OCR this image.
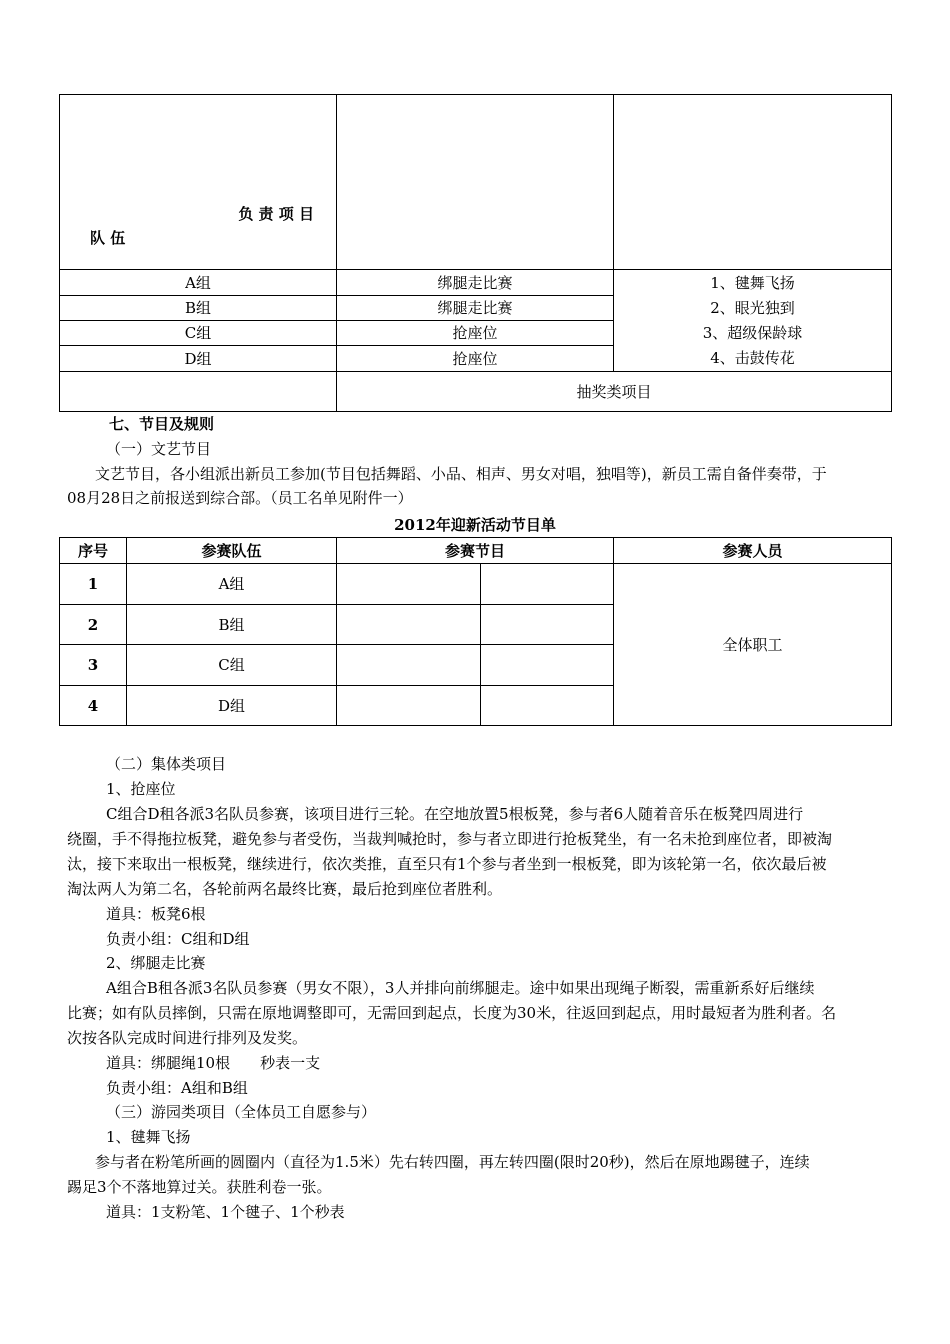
负 责 项 目
队 伍		

A组	绑腿走比赛	1、毽舞飞扬
2、眼光独到
3、超级保龄球
4、击鼓传花

B组	绑腿走比赛	
C组	抢座位	
D组	抢座位	
	抽奖类项目	
七、节目及规则
（一）文艺节目
文艺节目，各小组派出新员工参加(节目包括舞蹈、小品、相声、男女对唱，独唱等)，新员工需自备伴奏带，于
08月28日之前报送到综合部。（员工名单见附件一）
2012年迎新活动节目单
序号	参赛队伍	参赛节目		参赛人员
1	A组			全体职工
2	B组			
3	C组			
4	D组			
（二）集体类项目
1、抢座位
C组合D租各派3名队员参赛，该项目进行三轮。在空地放置5根板凳，参与者6人随着音乐在板凳四周进行
绕圈，手不得拖拉板凳，避免参与者受伤，当裁判喊抢时，参与者立即进行抢板凳坐，有一名未抢到座位者，即被淘
汰，接下来取出一根板凳，继续进行，依次类推，直至只有1个参与者坐到一根板凳，即为该轮第一名，依次最后被
淘汰两人为第二名，各轮前两名最终比赛，最后抢到座位者胜利。
道具：板凳6根
负责小组：C组和D组
2、绑腿走比赛
A组合B租各派3名队员参赛（男女不限），3人并排向前绑腿走。途中如果出现绳子断裂，需重新系好后继续
比赛；如有队员摔倒，只需在原地调整即可，无需回到起点，长度为30米，往返回到起点，用时最短者为胜利者。名
次按各队完成时间进行排列及发奖。
道具：绑腿绳10根　　秒表一支
负责小组：A组和B组
（三）游园类项目（全体员工自愿参与）
1、毽舞飞扬
参与者在粉笔所画的圆圈内（直径为1.5米）先右转四圈，再左转四圈(限时20秒)，然后在原地踢毽子，连续
踢足3个不落地算过关。获胜利卷一张。
道具：1支粉笔、1个毽子、1个秒表
